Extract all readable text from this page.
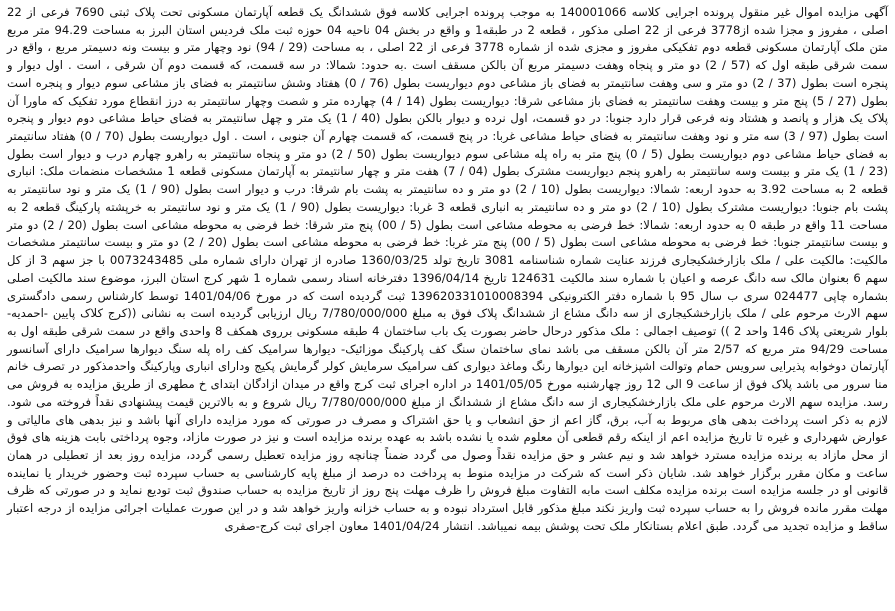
آگهی مزایده اموال غیر منقول پرونده اجرایی کلاسه 140001066 به موجب پرونده اجرایی کلاسه فوق ششدانگ یک قطعه آپارتمان مسکونی تحت پلاک ثبتی 7690 فرعی از 22 اصلی ، مفروز و مجزا شده از3778 فرعی از 22 اصلی مذکور ، قطعه 2 در طبقه1 و واقع در بخش 04 ناحیه 04 حوزه ثبت ملک فردیس استان البرز به مساحت 94.29 متر مربع متن ملک آپارتمان مسکونی قطعه دوم تفکیکی مفروز و مجزی شده از شماره 3778 فرعی از 22 اصلی ، به مساحت (29 / 94) نود وچهار متر و بیست ونه دسیمتر مربع ، واقع در سمت شرقی طبقه اول که (57 / 2) دو متر و پنجاه وهفت دسیمتر مربع آن بالکن مسقف است .به حدود: شمالا: در سه قسمت، که قسمت دوم آن شرقی ، است . اول دیوار و پنجره است بطول (37 / 2) دو متر و سی وهفت سانتیمتر به فضای باز مشاعی دوم دیواریست بطول (76 / 0) هفتاد وشش سانتیمتر به فضای باز مشاعی سوم دیوار و پنجره است بطول (27 / 5) پنج متر و بیست وهفت سانتیمتر به فضای باز مشاعی شرقا: دیواریست بطول (14 / 4) چهارده متر و شصت وچهار سانتیمتر به درز انقطاع مورد تفکیک که ماورا آن پلاک یک هزار و پانصد و هشتاد ونه فرعی قرار دارد جنوبا: در دو قسمت، اول نرده و دیوار بالکن بطول (40 / 1) یک متر و چهل سانتیمتر به فضای حیاط مشاعی دوم دیوار و پنجره است بطول (97 / 3) سه متر و نود وهفت سانتیمتر به فضای حیاط مشاعی غربا: در پنج قسمت، که قسمت چهارم آن جنوبی ، است . اول دیواریست بطول (70 / 0) هفتاد سانتیمتر به فضای حیاط مشاعی دوم دیواریست بطول (5 / 0) پنج متر به راه پله مشاعی سوم دیواریست بطول (50 / 2) دو متر و پنجاه سانتیمتر به راهرو چهارم درب و دیوار است بطول (23 / 1) یک متر و بیست وسه سانتیمتر به راهرو پنجم دیواریست مشترک بطول (04 / 7) هفت متر و چهار سانتیمتر به آپارتمان مسکونی قطعه 1 مشخصات منضمات ملک: انباری قطعه 2 به مساحت 3.92 به حدود اربعه: شمالا: دیواریست بطول (10 / 2) دو متر و ده سانتیمتر به پشت بام شرقا: درب و دیوار است بطول (90 / 1) یک متر و نود سانتیمتر به پشت بام جنوبا: دیواریست مشترک بطول (10 / 2) دو متر و ده سانتیمتر به انباری قطعه 3 غربا: دیواریست بطول (90 / 1) یک متر و نود سانتیمتر به خرپشته پارکینگ قطعه 2 به مساحت 11 واقع در طبقه 0 به حدود اربعه: شمالا: خط فرضی به محوطه مشاعی است بطول (5 / 00) پنج متر شرقا: خط فرضی به محوطه مشاعی است بطول (20 / 2) دو متر و بیست سانتیمتر جنوبا: خط فرضی به محوطه مشاعی است بطول (5 / 00) پنج متر غربا: خط فرضی به محوطه مشاعی است بطول (20 / 2) دو متر و بیست سانتیمتر مشخصات مالکیت: مالکیت علی / ملک بازارخشکیجاری فرزند عنایت شماره شناسنامه 3081 تاریخ تولد 1360/03/25 صادره از تهران دارای شماره ملی 0073243485 با جز سهم 3 از کل سهم 6 بعنوان مالک سه دانگ عرصه و اعیان با شماره سند مالکیت 124631 تاریخ 1396/04/14 دفترخانه اسناد رسمی شماره 1 شهر کرج استان البرز، موضوع سند مالکیت اصلی بشماره چاپی 024477 سری ب سال 95 با شماره دفتر الکترونیکی 139620331010008394 ثبت گردیده است که در مورخ 1401/04/06 توسط کارشناس رسمی دادگستری سهم الارث مرحوم علی / ملک بازارخشکیجاری از سه دانگ مشاع از ششدانگ پلاک فوق به مبلغ 7/780/000/000 ریال ارزیابی گردیده است به نشانی ((کرج کلاک پایین -احمدیه-بلوار شریعتی پلاک 146 واحد 2 )) توصیف اجمالی : ملک مذکور درحال حاضر بصورت یک باب ساختمان 4 طبقه مسکونی برروی همکف 8 واحدی واقع در سمت شرقی طبقه اول به مساحت 94/29 متر مربع که 2/57 متر آن بالکن مسقف می باشد نمای ساختمان سنگ کف پارکینگ موزائیک- دیوارها سرامیک کف راه پله سنگ دیوارها سرامیک دارای آسانسور آپارتمان دوخوابه پذیرایی سرویس حمام وتوالت اشپزخانه این دیوارها رنگ وماغذ دیواری کف سرامیک سرمایش کولر گرمایش پکیج ودارای انباری وپارکینگ واحدمذکور در تصرف خانم منا سرور می باشد پلاک فوق از ساعت 9 الی 12 روز چهارشنبه مورخ 1401/05/05 در اداره اجرای ثبت کرج واقع در میدان ازادگان ابتدای خ مطهری از طریق مزایده به فروش می رسد. مزایده سهم الارث مرحوم علی ملک بازارخشکیجاری از سه دانگ مشاع از ششدانگ از مبلغ 7/780/000/000 ریال شروع و به بالاترین قیمت پیشنهادی نقداً فروخته می شود. لازم به ذکر است پرداخت بدهی های مربوط به آب، برق، گاز اعم از حق انشعاب و یا حق اشتراک و مصرف در صورتی که مورد مزایده دارای آنها باشد و نیز بدهی های مالیاتی و عوارض شهرداری و غیره تا تاریخ مزایده اعم از اینکه رقم قطعی آن معلوم شده یا نشده باشد به عهده برنده مزایده است و نیز در صورت مازاد، وجوه پرداختی بابت هزینه های فوق از محل مازاد به برنده مزایده مسترد خواهد شد و نیم عشر و حق مزایده نقداً وصول می گردد ضمناً چنانچه روز مزایده تعطیل رسمی گردد، مزایده روز بعد از تعطیلی در همان ساعت و مکان مقرر برگزار خواهد شد. شایان ذکر است که شرکت در مزایده منوط به پرداخت ده درصد از مبلغ پایه کارشناسی به حساب سپرده ثبت وحضور خریدار یا نماینده قانونی او در جلسه مزایده است برنده مزایده مکلف است مابه التفاوت مبلغ فروش را ظرف مهلت پنج روز از تاریخ مزایده به حساب صندوق ثبت تودیع نماید و در صورتی که ظرف مهلت مقرر مانده فروش را به حساب سپرده ثبت واریز نکند مبلغ مذکور قابل استرداد نبوده و به حساب خزانه واریز خواهد شد و در این صورت عملیات اجرائی مزایده از درجه اعتبار ساقط و مزایده تجدید می گردد. طبق اعلام بستانکار ملک تحت پوشش بیمه نمیباشد. انتشار 1401/04/24 معاون اجرای ثبت کرج-صفری
